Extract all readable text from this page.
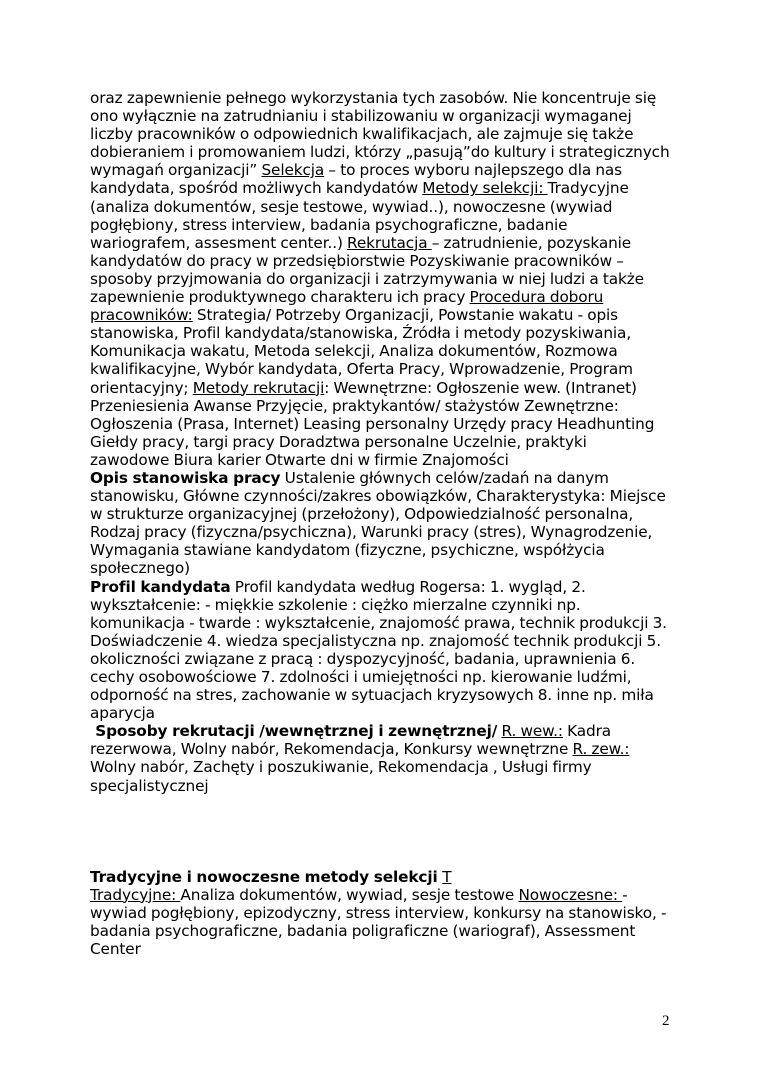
oraz zapewnienie pełnego wykorzystania tych zasobów. Nie koncentruje się ono wyłącznie na zatrudnianiu i stabilizowaniu w organizacji wymaganej liczby pracowników o odpowiednich kwalifikacjach, ale zajmuje się także dobieraniem i promowaniem ludzi, którzy „pasują”do kultury i strategicznych wymagań organizacji” Selekcja – to proces wyboru najlepszego dla nas kandydata, spośród możliwych kandydatów Metody selekcji: Tradycyjne (analiza dokumentów, sesje testowe, wywiad..), nowoczesne (wywiad pogłębiony, stress interview, badania psychograficzne, badanie wariografem, assesment center..) Rekrutacja – zatrudnienie, pozyskanie kandydatów do pracy w przedsiębiorstwie Pozyskiwanie pracowników – sposoby przyjmowania do organizacji i zatrzymywania w niej ludzi a także zapewnienie produktywnego charakteru ich pracy Procedura doboru pracowników: Strategia/ Potrzeby Organizacji, Powstanie wakatu - opis stanowiska, Profil kandydata/stanowiska, Źródła i metody pozyskiwania, Komunikacja wakatu, Metoda selekcji, Analiza dokumentów, Rozmowa kwalifikacyjne, Wybór kandydata, Oferta Pracy, Wprowadzenie, Program orientacyjny; Metody rekrutacji: Wewnętrzne: Ogłoszenie wew. (Intranet) Przeniesienia Awanse Przyjęcie, praktykantów/ stażystów Zewnętrzne: Ogłoszenia (Prasa, Internet) Leasing personalny Urzędy pracy Headhunting Giełdy pracy, targi pracy Doradztwa personalne Uczelnie, praktyki zawodowe Biura karier Otwarte dni w firmie Znajomości

Opis stanowiska pracy Ustalenie głównych celów/zadań na danym stanowisku, Główne czynności/zakres obowiązków, Charakterystyka: Miejsce w strukturze organizacyjnej (przełożony), Odpowiedzialność personalna, Rodzaj pracy (fizyczna/psychiczna), Warunki pracy (stres), Wynagrodzenie, Wymagania stawiane kandydatom (fizyczne, psychiczne, współżycia społecznego)

Profil kandydata Profil kandydata według Rogersa: 1. wygląd, 2. wykształcenie: - miękkie szkolenie : ciężko mierzalne czynniki np. komunikacja - twarde : wykształcenie, znajomość prawa, technik produkcji 3. Doświadczenie 4. wiedza specjalistyczna np. znajomość technik produkcji 5. okoliczności związane z pracą : dyspozycyjność, badania, uprawnienia 6. cechy osobowościowe 7. zdolności i umiejętności np. kierowanie ludźmi, odporność na stres, zachowanie w sytuacjach kryzysowych 8. inne np. miła aparycja

Sposoby rekrutacji /wewnętrznej i zewnętrznej/ R. wew.: Kadra rezerwowa, Wolny nabór, Rekomendacja, Konkursy wewnętrzne R. zew.: Wolny nabór, Zachęty i poszukiwanie, Rekomendacja , Usługi firmy specjalistycznej

Tradycyjne i nowoczesne metody selekcji T

Tradycyjne: Analiza dokumentów, wywiad, sesje testowe Nowoczesne: - wywiad pogłębiony, epizodyczny, stress interview, konkursy na stanowisko, - badania psychograficzne, badania poligraficzne (wariograf), Assessment Center

2
